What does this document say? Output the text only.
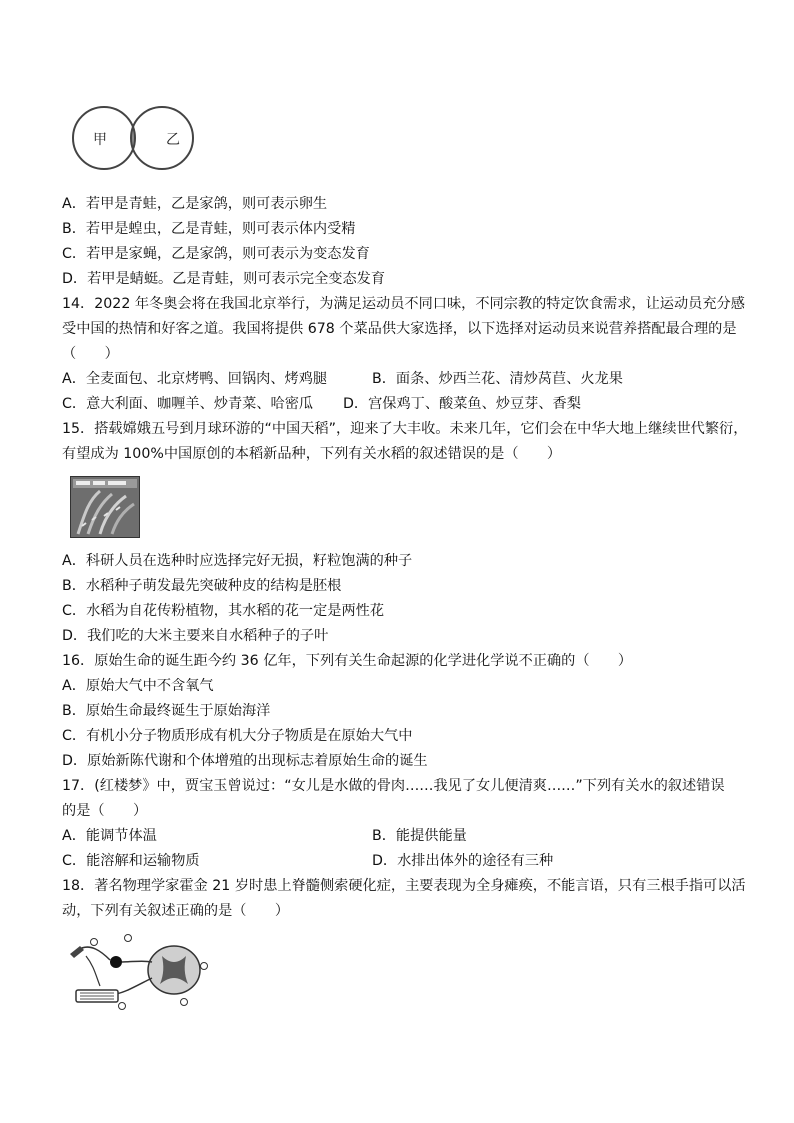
甲	乙
A．若甲是青蛙，乙是家鸽，则可表示卵生
B．若甲是蝗虫，乙是青蛙，则可表示体内受精
C．若甲是家蝇，乙是家鸽，则可表示为变态发育
D．若甲是蜻蜓。乙是青蛙，则可表示完全变态发育
14．2022 年冬奥会将在我国北京举行，为满足运动员不同口味，不同宗教的特定饮食需求，让运动员充分感
受中国的热情和好客之道。我国将提供 678 个菜品供大家选择，以下选择对运动员来说营养搭配最合理的是
（　　）
A．全麦面包、北京烤鸭、回锅肉、烤鸡腿	B．面条、炒西兰花、清炒莴苣、火龙果
C．意大利面、咖喱羊、炒青菜、哈密瓜 D．宫保鸡丁、酸菜鱼、炒豆芽、香梨
15．搭载嫦娥五号到月球环游的“中国天稻”，迎来了大丰收。未来几年，它们会在中华大地上继续世代繁衍，
有望成为 100%中国原创的本稻新品种，下列有关水稻的叙述错误的是（　　）
A．科研人员在选种时应选择完好无损，籽粒饱满的种子
B．水稻种子萌发最先突破种皮的结构是胚根
C．水稻为自花传粉植物，其水稻的花一定是两性花
D．我们吃的大米主要来自水稻种子的子叶
16．原始生命的诞生距今约 36 亿年，下列有关生命起源的化学进化学说不正确的（　　）
A．原始大气中不含氧气
B．原始生命最终诞生于原始海洋
C．有机小分子物质形成有机大分子物质是在原始大气中
D．原始新陈代谢和个体增殖的出现标志着原始生命的诞生
17．(红楼梦》中，贾宝玉曾说过：“女儿是水做的骨肉……我见了女儿便清爽……”下列有关水的叙述错误
的是（　　）
A．能调节体温	B．能提供能量
C．能溶解和运输物质	D．水排出体外的途径有三种
18．著名物理学家霍金 21 岁时患上脊髓侧索硬化症，主要表现为全身瘫痪，不能言语，只有三根手指可以活
动，下列有关叙述正确的是（　　）
